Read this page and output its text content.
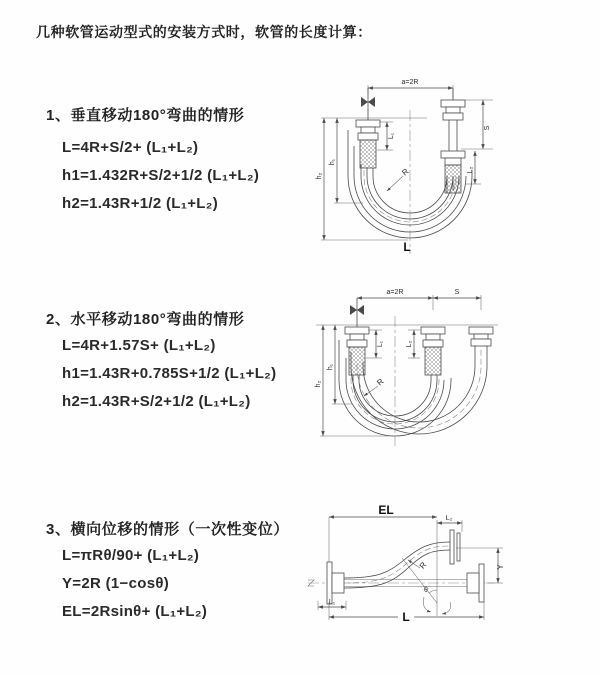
几种软管运动型式的安装方式时，软管的长度计算：
1、垂直移动180°弯曲的情形
L=4R+S/2+ (L₁+L₂)
h1=1.432R+S/2+1/2 (L₁+L₂)
h2=1.43R+1/2 (L₁+L₂)
2、水平移动180°弯曲的情形
L=4R+1.57S+ (L₁+L₂)
h1=1.43R+0.785S+1/2 (L₁+L₂)
h2=1.43R+S/2+1/2 (L₁+L₂)
3、横向位移的情形（一次性变位）
L=πRθ/90+ (L₁+L₂)
Y=2R (1−cosθ)
EL=2Rsinθ+ (L₁+L₂)
a=2R
S
L₂
h₂
h₁
L
L₁
R
a=2R	S
h₂
h₁
L₁	L₂
R
EL
L₂
Y
L
L₁
R
θ
